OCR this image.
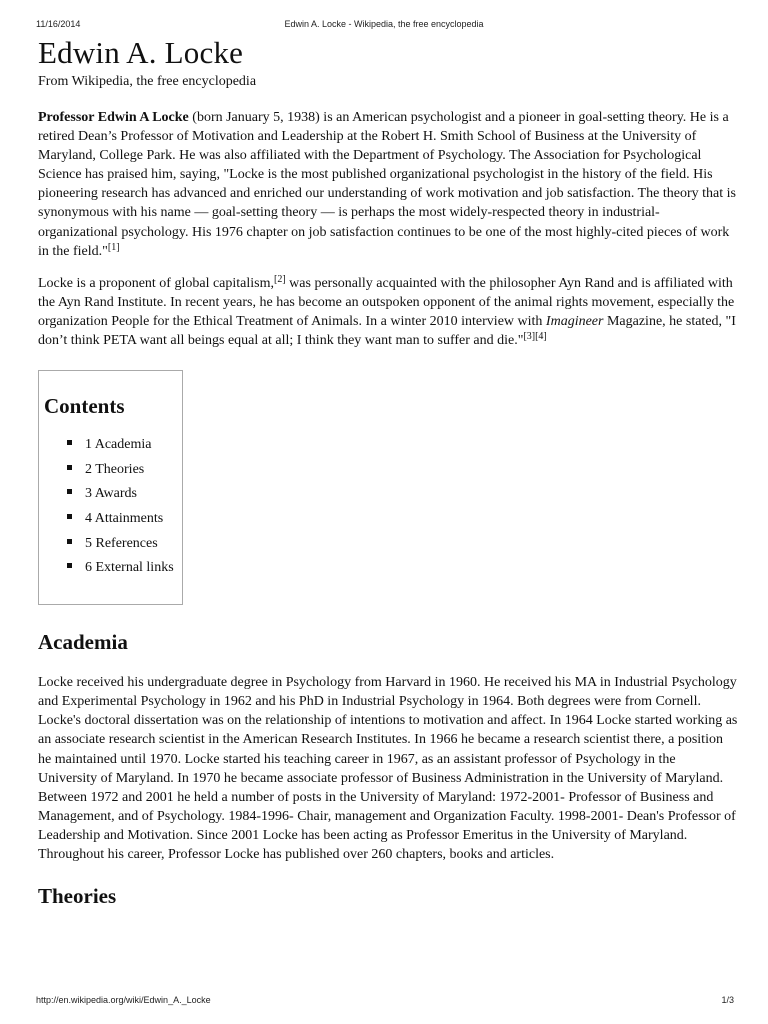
11/16/2014	Edwin A. Locke - Wikipedia, the free encyclopedia
Edwin A. Locke
From Wikipedia, the free encyclopedia

Professor Edwin A Locke (born January 5, 1938) is an American psychologist and a pioneer in goal-setting theory. He is a retired Dean’s Professor of Motivation and Leadership at the Robert H. Smith School of Business at the University of Maryland, College Park. He was also affiliated with the Department of Psychology. The Association for Psychological Science has praised him, saying, "Locke is the most published organizational psychologist in the history of the field. His pioneering research has advanced and enriched our understanding of work motivation and job satisfaction. The theory that is synonymous with his name — goal-setting theory — is perhaps the most widely-respected theory in industrial-organizational psychology. His 1976 chapter on job satisfaction continues to be one of the most highly-cited pieces of work in the field."[1]

Locke is a proponent of global capitalism,[2] was personally acquainted with the philosopher Ayn Rand and is affiliated with the Ayn Rand Institute. In recent years, he has become an outspoken opponent of the animal rights movement, especially the organization People for the Ethical Treatment of Animals. In a winter 2010 interview with Imagineer Magazine, he stated, "I don’t think PETA want all beings equal at all; I think they want man to suffer and die."[3][4]

Contents
1 Academia
2 Theories
3 Awards
4 Attainments
5 References
6 External links
Academia

Locke received his undergraduate degree in Psychology from Harvard in 1960. He received his MA in Industrial Psychology and Experimental Psychology in 1962 and his PhD in Industrial Psychology in 1964. Both degrees were from Cornell. Locke's doctoral dissertation was on the relationship of intentions to motivation and affect. In 1964 Locke started working as an associate research scientist in the American Research Institutes. In 1966 he became a research scientist there, a position he maintained until 1970. Locke started his teaching career in 1967, as an assistant professor of Psychology in the University of Maryland. In 1970 he became associate professor of Business Administration in the University of Maryland. Between 1972 and 2001 he held a number of posts in the University of Maryland: 1972-2001- Professor of Business and Management, and of Psychology. 1984-1996- Chair, management and Organization Faculty. 1998-2001- Dean's Professor of Leadership and Motivation. Since 2001 Locke has been acting as Professor Emeritus in the University of Maryland. Throughout his career, Professor Locke has published over 260 chapters, books and articles.

Theories
http://en.wikipedia.org/wiki/Edwin_A._Locke	1/3
